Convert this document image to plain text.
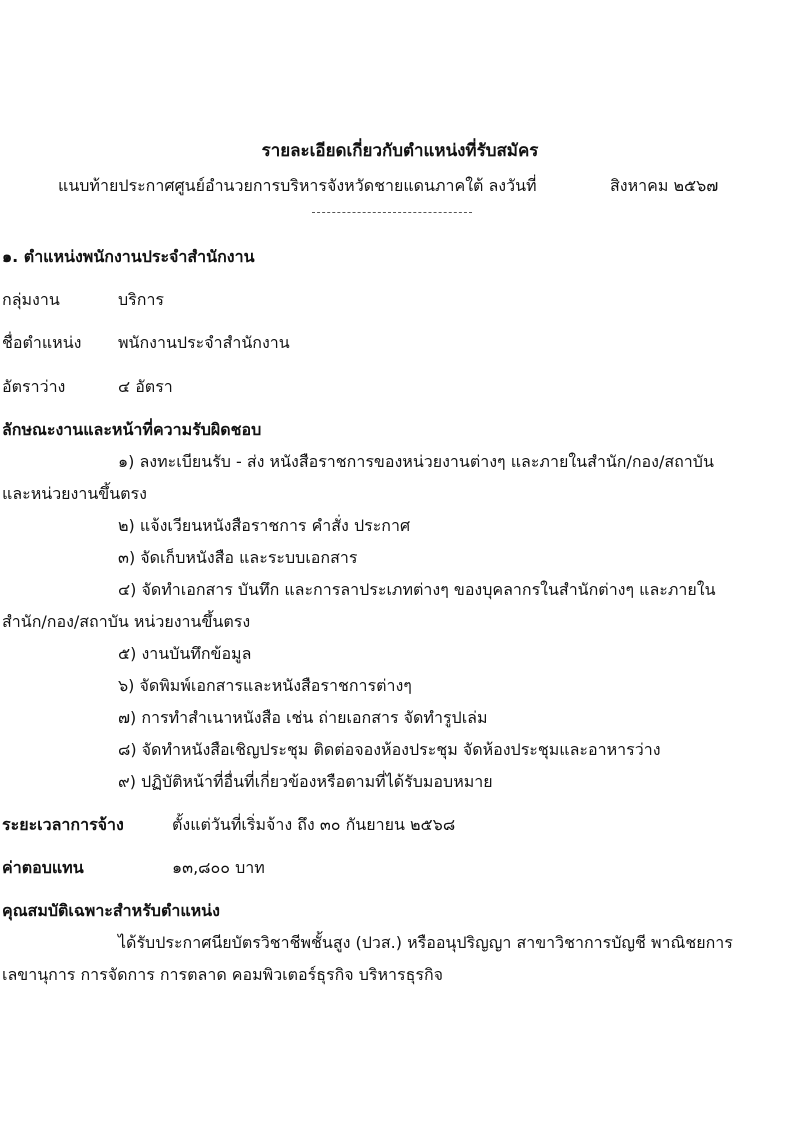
รายละเอียดเกี่ยวกับตำแหน่งที่รับสมัคร
แนบท้ายประกาศศูนย์อำนวยการบริหารจังหวัดชายแดนภาคใต้ ลงวันที่	สิงหาคม ๒๕๖๗
๑. ตำแหน่งพนักงานประจำสำนักงาน
กลุ่มงาน	บริการ
ชื่อตำแหน่ง พนักงานประจำสำนักงาน
อัตราว่าง	๔ อัตรา
ลักษณะงานและหน้าที่ความรับผิดชอบ
๑) ลงทะเบียนรับ - ส่ง หนังสือราชการของหน่วยงานต่างๆ และภายในสำนัก/กอง/สถาบัน
และหน่วยงานขึ้นตรง
๒) แจ้งเวียนหนังสือราชการ คำสั่ง ประกาศ
๓) จัดเก็บหนังสือ และระบบเอกสาร
๔) จัดทำเอกสาร บันทึก และการลาประเภทต่างๆ ของบุคลากรในสำนักต่างๆ และภายใน
สำนัก/กอง/สถาบัน หน่วยงานขึ้นตรง
๕) งานบันทึกข้อมูล
๖) จัดพิมพ์เอกสารและหนังสือราชการต่างๆ
๗) การทำสำเนาหนังสือ เช่น ถ่ายเอกสาร จัดทำรูปเล่ม
๘) จัดทำหนังสือเชิญประชุม ติดต่อจองห้องประชุม จัดห้องประชุมและอาหารว่าง
๙) ปฏิบัติหน้าที่อื่นที่เกี่ยวข้องหรือตามที่ได้รับมอบหมาย
ระยะเวลาการจ้าง	ตั้งแต่วันที่เริ่มจ้าง ถึง ๓๐ กันยายน ๒๕๖๘
ค่าตอบแทน	๑๓,๘๐๐ บาท
คุณสมบัติเฉพาะสำหรับตำแหน่ง
ได้รับประกาศนียบัตรวิชาชีพชั้นสูง (ปวส.) หรืออนุปริญญา สาขาวิชาการบัญชี พาณิชยการ
เลขานุการ การจัดการ การตลาด คอมพิวเตอร์ธุรกิจ บริหารธุรกิจ
